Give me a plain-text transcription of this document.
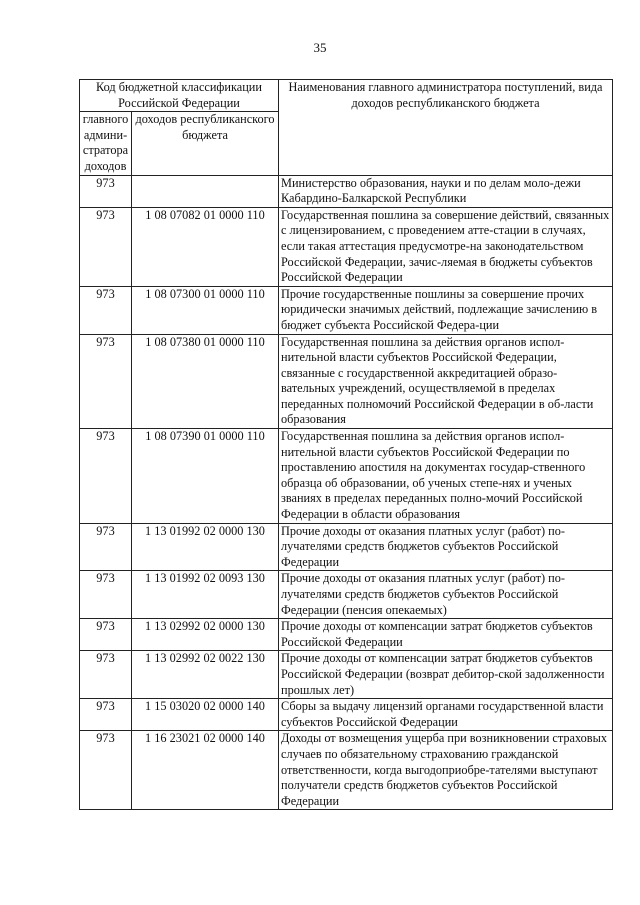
35
Код бюджетной классификации Российской Федерации		Наименования главного администратора поступлений, вида доходов республиканского бюджета
главного админи-стратора доходов	доходов республиканского бюджета	
973		Министерство образования, науки и по делам моло-дежи Кабардино-Балкарской Республики
973	1 08 07082 01 0000 110	Государственная пошлина за совершение действий, связанных с лицензированием, с проведением атте-стации в случаях, если такая аттестация предусмотре-на законодательством Российской Федерации, зачис-ляемая в бюджеты субъектов Российской Федерации
973	1 08 07300 01 0000 110	Прочие государственные пошлины за совершение прочих юридически значимых действий, подлежащие зачислению в бюджет субъекта Российской Федера-ции
973	1 08 07380 01 0000 110	Государственная пошлина за действия органов испол-нительной власти субъектов Российской Федерации, связанные с государственной аккредитацией образо-вательных учреждений, осуществляемой в пределах переданных полномочий Российской Федерации в об-ласти образования
973	1 08 07390 01 0000 110	Государственная пошлина за действия органов испол-нительной власти субъектов Российской Федерации по проставлению апостиля на документах государ-ственного образца об образовании, об ученых степе-нях и ученых званиях в пределах переданных полно-мочий Российской Федерации в области образования
973	1 13 01992 02 0000 130	Прочие доходы от оказания платных услуг (работ) по-лучателями средств бюджетов субъектов Российской Федерации
973	1 13 01992 02 0093 130	Прочие доходы от оказания платных услуг (работ) по-лучателями средств бюджетов субъектов Российской Федерации (пенсия опекаемых)
973	1 13 02992 02 0000 130	Прочие доходы от компенсации затрат бюджетов субъектов Российской Федерации
973	1 13 02992 02 0022 130	Прочие доходы от компенсации затрат бюджетов субъектов Российской Федерации (возврат дебитор-ской задолженности прошлых лет)
973	1 15 03020 02 0000 140	Сборы за выдачу лицензий органами государственной власти субъектов Российской Федерации
973	1 16 23021 02 0000 140	Доходы от возмещения ущерба при возникновении страховых случаев по обязательному страхованию гражданской ответственности, когда выгодоприобре-тателями выступают получатели средств бюджетов субъектов Российской Федерации
